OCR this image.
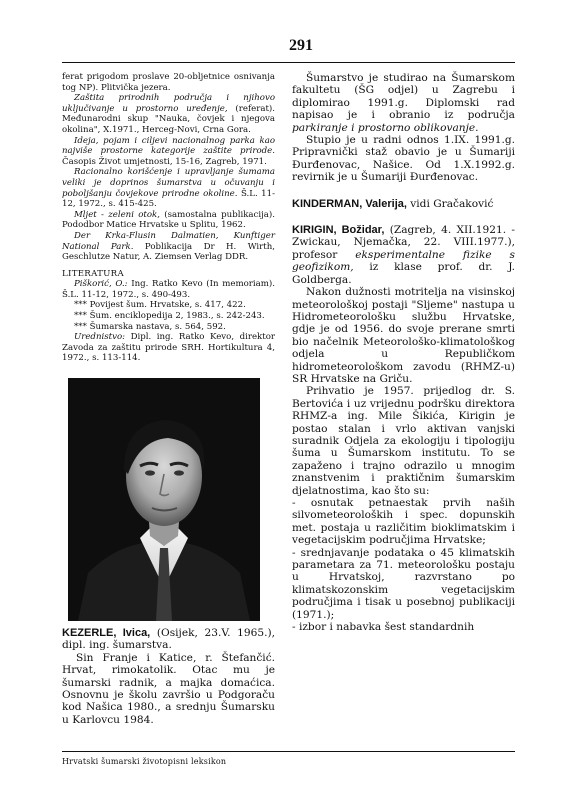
291

ferat prigodom proslave 20-obljetnice osnivanja tog NP). Plitvička jezera.

Zaštita prirodnih područja i njihovo uključivanje u prostorno uređenje, (referat). Međunarodni skup "Nauka, čovjek i njegova okolina", X.1971., Herceg-Novi, Crna Gora.

Ideja, pojam i ciljevi nacionalnog parka kao najviše prostorne kategorije zaštite prirode. Časopis Život umjetnosti, 15-16, Zagreb, 1971.

Racionalno korišćenje i upravljanje šumama veliki je doprinos šumarstva u očuvanju i poboljšanju čovjekove prirodne okoline. Š.L. 11-12, 1972., s. 415-425.

Mljet - zeleni otok, (samostalna publikacija). Pododbor Matice Hrvatske u Splitu, 1962.

Der Krka-Flusin Dalmatien, Kunftiger National Park. Poblikacija Dr H. Wirth, Geschlutze Natur, A. Ziemsen Verlag DDR.

LITERATURA

Piškorić, O.: Ing. Ratko Kevo (In memoriam). Š.L. 11-12, 1972., s. 490-493.

*** Povijest šum. Hrvatske, s. 417, 422.

*** Šum. enciklopedija 2, 1983., s. 242-243.

*** Šumarska nastava, s. 564, 592.

Urednistvo: Dipl. ing. Ratko Kevo, direktor Zavoda za zaštitu prirode SRH. Hortikultura 4, 1972., s. 113-114.

KEZERLE, Ivica, (Osijek, 23.V. 1965.), dipl. ing. šumarstva.

Sin Franje i Katice, r. Štefančić. Hrvat, rimokatolik. Otac mu je šumarski radnik, a majka domaćica. Osnovnu je školu završio u Podgoraču kod Našica 1980., a srednju Šumarsku u Karlovcu 1984.

Šumarstvo je studirao na Šumarskom fakultetu (ŠG odjel) u Zagrebu i diplomirao 1991.g. Diplomski rad napisao je i obranio iz područja parkiranje i prostorno oblikovanje.

Stupio je u radni odnos 1.IX. 1991.g. Pripravnički staž obavio je u Šumariji Đurđenovac, Našice. Od 1.X.1992.g. revirnik je u Šumariji Đurđenovac.

KINDERMAN, Valerija, vidi Gračaković

KIRIGIN, Božidar, (Zagreb, 4. XII.1921. - Zwickau, Njemačka, 22. VIII.1977.), profesor eksperimentalne fizike s geofizikom, iz klase prof. dr. J. Goldberga.

Nakon dužnosti motritelja na visinskoj meteorološkoj postaji "Sljeme" nastupa u Hidrometeorološku službu Hrvatske, gdje je od 1956. do svoje prerane smrti bio načelnik Meteorološko-klimatološkog odjela u Republičkom hidrometeorološkom zavodu (RHMZ-u) SR Hrvatske na Griču.

Prihvatio je 1957. prijedlog dr. S. Bertovića i uz vrijednu podršku direktora RHMZ-a ing. Mile Šikića, Kirigin je postao stalan i vrlo aktivan vanjski suradnik Odjela za ekologiju i tipologiju šuma u Šumarskom institutu. To se zapaženo i trajno odrazilo u mnogim znanstvenim i praktičnim šumarskim djelatnostima, kao što su:

- osnutak petnaestak prvih naših silvometeoroloških i spec. dopunskih met. postaja u različitim bioklimatskim i vegetacijskim područjima Hrvatske;

- srednjavanje podataka o 45 klimatskih parametara za 71. meteorološku postaju u Hrvatskoj, razvrstano po klimatskozonskim vegetacijskim područjima i tisak u posebnoj publikaciji (1971.);

- izbor i nabavka šest standardnih

Hrvatski šumarski životopisni leksikon
